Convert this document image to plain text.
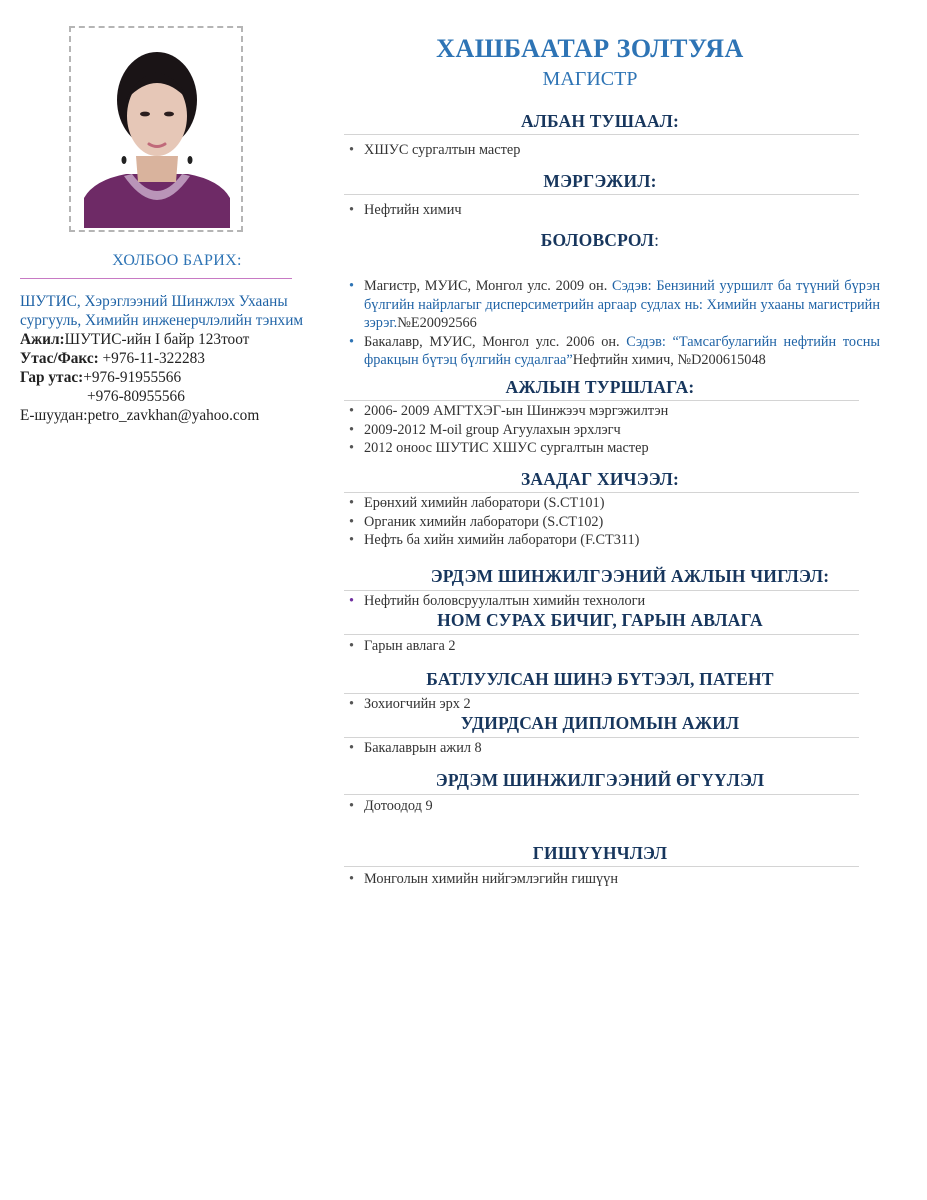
ХОЛБОО БАРИХ:
ШУТИС, Хэрэглээний Шинжлэх Ухааны сургууль, Химийн инженерчлэлийн тэнхим
Ажил:ШУТИС-ийн I байр 123тоот
Утас/Факс: +976-11-322283
Гар утас:+976-91955566
+976-80955566
E-шуудан:petro_zavkhan@yahoo.com
ХАШБААТАР ЗОЛТУЯА
МАГИСТР
АЛБАН ТУШААЛ:
• ХШУС сургалтын мастер
МЭРГЭЖИЛ:
• Нефтийн химич
БОЛОВСРОЛ:
• Магистр, МУИС, Монгол улс. 2009 он. Сэдэв: Бензиний ууршилт ба түүний бүрэн бүлгийн найрлагыг дисперсиметрийн аргаар судлах нь: Химийн ухааны магистрийн зэрэг.№E20092566
• Бакалавр, МУИС, Монгол улс. 2006 он. Сэдэв: “Тамсагбулагийн нефтийн тосны фракцын бүтэц бүлгийн судалгаа”Нефтийн химич, №D200615048
АЖЛЫН ТУРШЛАГА:
• 2006- 2009 АМГТХЭГ-ын Шинжээч мэргэжилтэн
• 2009-2012 M-oil group Агуулахын эрхлэгч
• 2012 оноос ШУТИС ХШУС сургалтын мастер
ЗААДАГ ХИЧЭЭЛ:
• Ерөнхий химийн лаборатори (S.CT101)
• Органик химийн лаборатори (S.CT102)
• Нефть ба хийн химийн лаборатори (F.CT311)
ЭРДЭМ ШИНЖИЛГЭЭНИЙ АЖЛЫН ЧИГЛЭЛ:
• Нефтийн боловсруулалтын химийн технологи
НОМ СУРАХ БИЧИГ, ГАРЫН АВЛАГА
• Гарын авлага 2
БАТЛУУЛСАН ШИНЭ БҮТЭЭЛ, ПАТЕНТ
• Зохиогчийн эрх 2
УДИРДСАН ДИПЛОМЫН АЖИЛ
• Бакалаврын ажил 8
ЭРДЭМ ШИНЖИЛГЭЭНИЙ ӨГҮҮЛЭЛ
• Дотоодод 9
ГИШҮҮНЧЛЭЛ
• Монголын химийн нийгэмлэгийн гишүүн
